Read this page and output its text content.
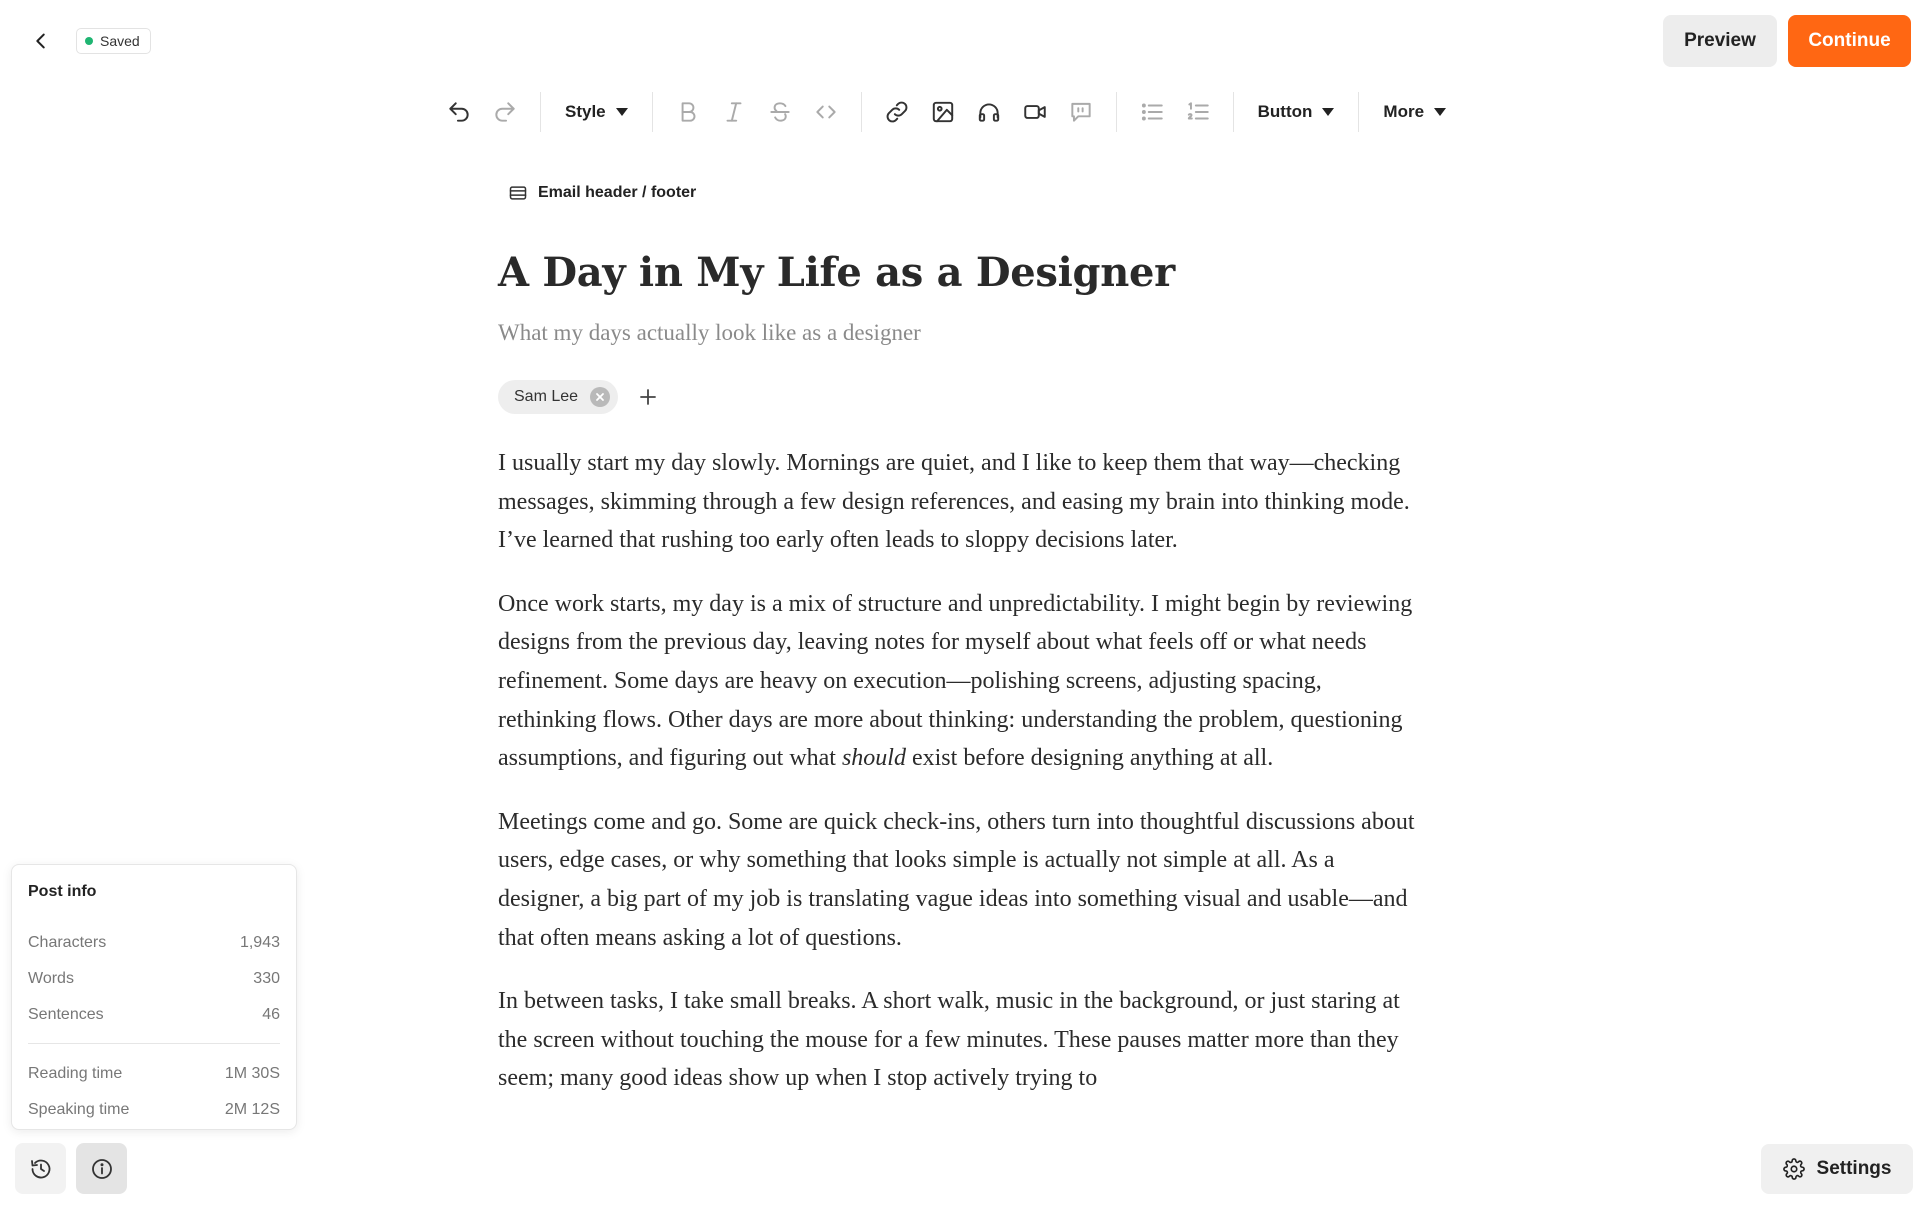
Saved	Preview	Continue
Style	Button	More
Email header / footer
A Day in My Life as a Designer
What my days actually look like as a designer
Sam Lee

I usually start my day slowly. Mornings are quiet, and I like to keep them that way—checking messages, skimming through a few design references, and easing my brain into thinking mode. I’ve learned that rushing too early often leads to sloppy decisions later.

Once work starts, my day is a mix of structure and unpredictability. I might begin by reviewing designs from the previous day, leaving notes for myself about what feels off or what needs refinement. Some days are heavy on execution—polishing screens, adjusting spacing, rethinking flows. Other days are more about thinking: understanding the problem, questioning assumptions, and figuring out what should exist before designing anything at all.

Meetings come and go. Some are quick check-ins, others turn into thoughtful discussions about users, edge cases, or why something that looks simple is actually not simple at all. As a designer, a big part of my job is translating vague ideas into something visual and usable—and that often means asking a lot of questions.

In between tasks, I take small breaks. A short walk, music in the background, or just staring at the screen without touching the mouse for a few minutes. These pauses matter more than they seem; many good ideas show up when I stop actively trying to

Post info
Characters	1,943
Words	330
Sentences	46
Reading time	1M 30S
Speaking time	2M 12S
Settings
